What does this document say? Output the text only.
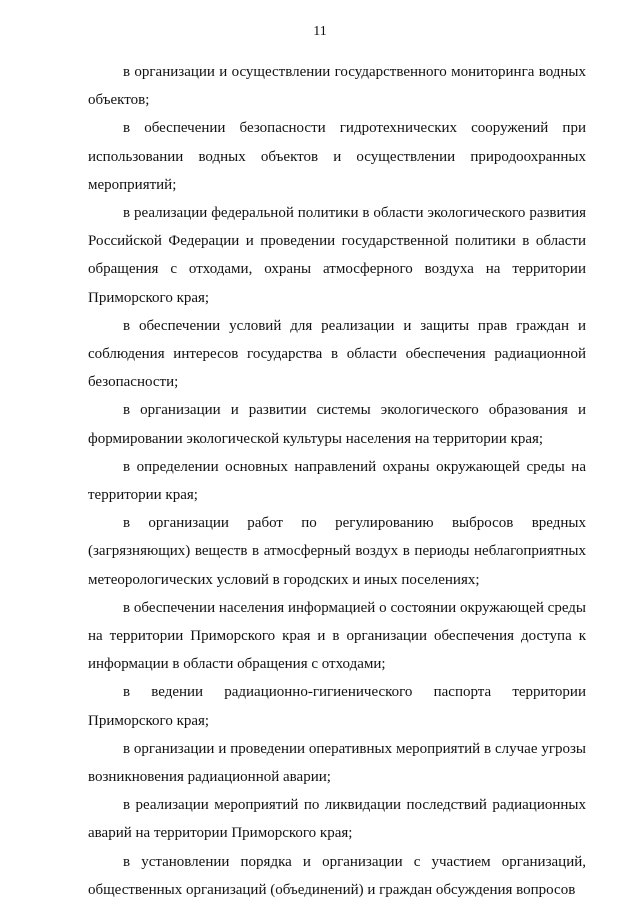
11

в организации и осуществлении государственного мониторинга водных объектов;

в обеспечении безопасности гидротехнических сооружений при использовании водных объектов и осуществлении природоохранных мероприятий;

в реализации федеральной политики в области экологического развития Российской Федерации и проведении государственной политики в области обращения с отходами, охраны атмосферного воздуха на территории Приморского края;

в обеспечении условий для реализации и защиты прав граждан и соблюдения интересов государства в области обеспечения радиационной безопасности;

в организации и развитии системы экологического образования и формировании экологической культуры населения на территории края;

в определении основных направлений охраны окружающей среды на территории края;

в организации работ по регулированию выбросов вредных (загрязняющих) веществ в атмосферный воздух в периоды неблагоприятных метеорологических условий в городских и иных поселениях;

в обеспечении населения информацией о состоянии окружающей среды на территории Приморского края и в организации обеспечения доступа к информации в области обращения с отходами;

в ведении радиационно-гигиенического паспорта территории Приморского края;

в организации и проведении оперативных мероприятий в случае угрозы возникновения радиационной аварии;

в реализации мероприятий по ликвидации последствий радиационных аварий на территории Приморского края;

в установлении порядка и организации с участием организаций, общественных организаций (объединений) и граждан обсуждения вопросов
